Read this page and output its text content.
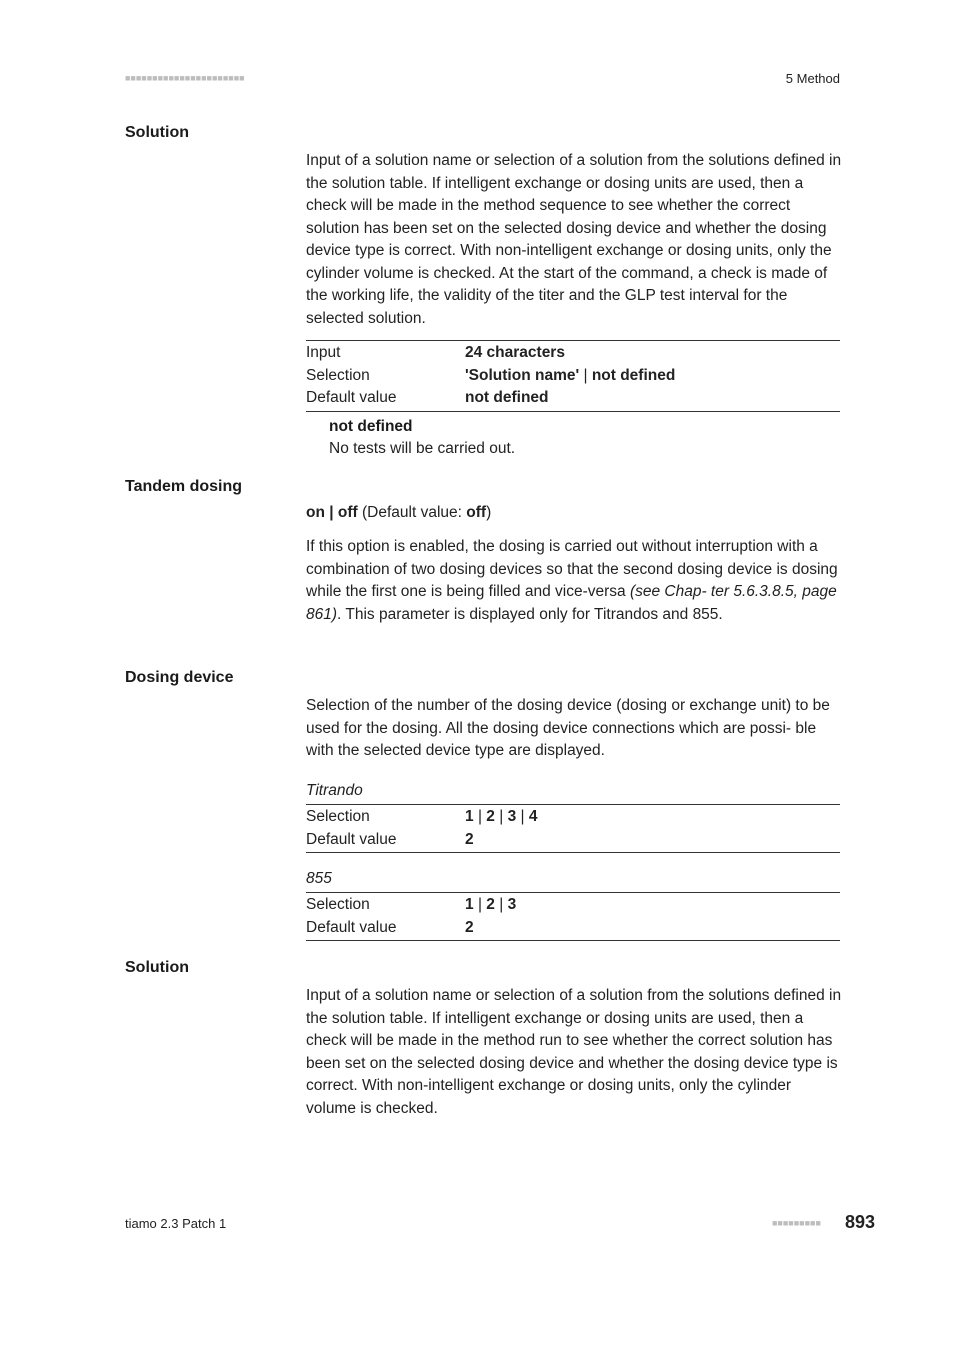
■■■■■■■■■■■■■■■■■■■■■■	5 Method
Solution
Input of a solution name or selection of a solution from the solutions defined in the solution table. If intelligent exchange or dosing units are used, then a check will be made in the method sequence to see whether the correct solution has been set on the selected dosing device and whether the dosing device type is correct. With non-intelligent exchange or dosing units, only the cylinder volume is checked. At the start of the command, a check is made of the working life, the validity of the titer and the GLP test interval for the selected solution.
Input	24 characters
Selection	'Solution name' | not defined
Default value	not defined
not defined
No tests will be carried out.
Tandem dosing
on | off (Default value: off)
If this option is enabled, the dosing is carried out without interruption with a combination of two dosing devices so that the second dosing device is dosing while the first one is being filled and vice-versa (see Chap- ter 5.6.3.8.5, page 861). This parameter is displayed only for Titrandos and 855.
Dosing device
Selection of the number of the dosing device (dosing or exchange unit) to be used for the dosing. All the dosing device connections which are possi- ble with the selected device type are displayed.
Titrando
Selection	1 | 2 | 3 | 4
Default value	2
855
Selection	1 | 2 | 3
Default value	2
Solution
Input of a solution name or selection of a solution from the solutions defined in the solution table. If intelligent exchange or dosing units are used, then a check will be made in the method run to see whether the correct solution has been set on the selected dosing device and whether the dosing device type is correct. With non-intelligent exchange or dosing units, only the cylinder volume is checked.
tiamo 2.3 Patch 1	■■■■■■■■■ 893
